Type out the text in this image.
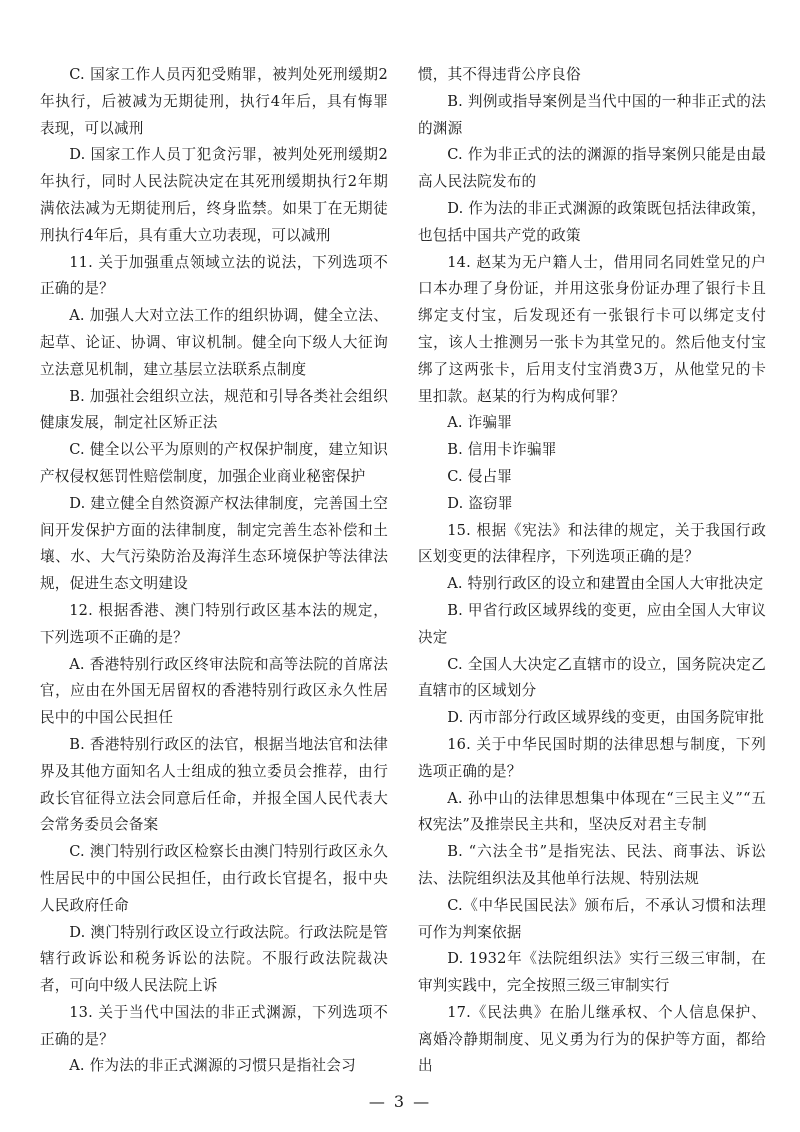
C. 国家工作人员丙犯受贿罪，被判处死刑缓期2年执行，后被减为无期徒刑，执行4年后，具有悔罪表现，可以减刑

D. 国家工作人员丁犯贪污罪，被判处死刑缓期2年执行，同时人民法院决定在其死刑缓期执行2年期满依法减为无期徒刑后，终身监禁。如果丁在无期徒刑执行4年后，具有重大立功表现，可以减刑

11. 关于加强重点领域立法的说法，下列选项不正确的是？

A. 加强人大对立法工作的组织协调，健全立法、起草、论证、协调、审议机制。健全向下级人大征询立法意见机制，建立基层立法联系点制度

B. 加强社会组织立法，规范和引导各类社会组织健康发展，制定社区矫正法

C. 健全以公平为原则的产权保护制度，建立知识产权侵权惩罚性赔偿制度，加强企业商业秘密保护

D. 建立健全自然资源产权法律制度，完善国土空间开发保护方面的法律制度，制定完善生态补偿和土壤、水、大气污染防治及海洋生态环境保护等法律法规，促进生态文明建设

12. 根据香港、澳门特别行政区基本法的规定，下列选项不正确的是？

A. 香港特别行政区终审法院和高等法院的首席法官，应由在外国无居留权的香港特别行政区永久性居民中的中国公民担任

B. 香港特别行政区的法官，根据当地法官和法律界及其他方面知名人士组成的独立委员会推荐，由行政长官征得立法会同意后任命，并报全国人民代表大会常务委员会备案

C. 澳门特别行政区检察长由澳门特别行政区永久性居民中的中国公民担任，由行政长官提名，报中央人民政府任命

D. 澳门特别行政区设立行政法院。行政法院是管辖行政诉讼和税务诉讼的法院。不服行政法院裁决者，可向中级人民法院上诉

13. 关于当代中国法的非正式渊源，下列选项不正确的是？

A. 作为法的非正式渊源的习惯只是指社会习

惯，其不得违背公序良俗

B. 判例或指导案例是当代中国的一种非正式的法的渊源

C. 作为非正式的法的渊源的指导案例只能是由最高人民法院发布的

D. 作为法的非正式渊源的政策既包括法律政策，也包括中国共产党的政策

14. 赵某为无户籍人士，借用同名同姓堂兄的户口本办理了身份证，并用这张身份证办理了银行卡且绑定支付宝，后发现还有一张银行卡可以绑定支付宝，该人士推测另一张卡为其堂兄的。然后他支付宝绑了这两张卡，后用支付宝消费3万，从他堂兄的卡里扣款。赵某的行为构成何罪？

A. 诈骗罪

B. 信用卡诈骗罪

C. 侵占罪

D. 盗窃罪

15. 根据《宪法》和法律的规定，关于我国行政区划变更的法律程序，下列选项正确的是？

A. 特别行政区的设立和建置由全国人大审批决定

B. 甲省行政区域界线的变更，应由全国人大审议决定

C. 全国人大决定乙直辖市的设立，国务院决定乙直辖市的区域划分

D. 丙市部分行政区域界线的变更，由国务院审批

16. 关于中华民国时期的法律思想与制度，下列选项正确的是？

A. 孙中山的法律思想集中体现在“三民主义”“五权宪法”及推崇民主共和，坚决反对君主专制

B. “六法全书”是指宪法、民法、商事法、诉讼法、法院组织法及其他单行法规、特别法规

C.《中华民国民法》颁布后，不承认习惯和法理可作为判案依据

D. 1932年《法院组织法》实行三级三审制，在审判实践中，完全按照三级三审制实行

17.《民法典》在胎儿继承权、个人信息保护、离婚冷静期制度、见义勇为行为的保护等方面，都给出

— 3 —
